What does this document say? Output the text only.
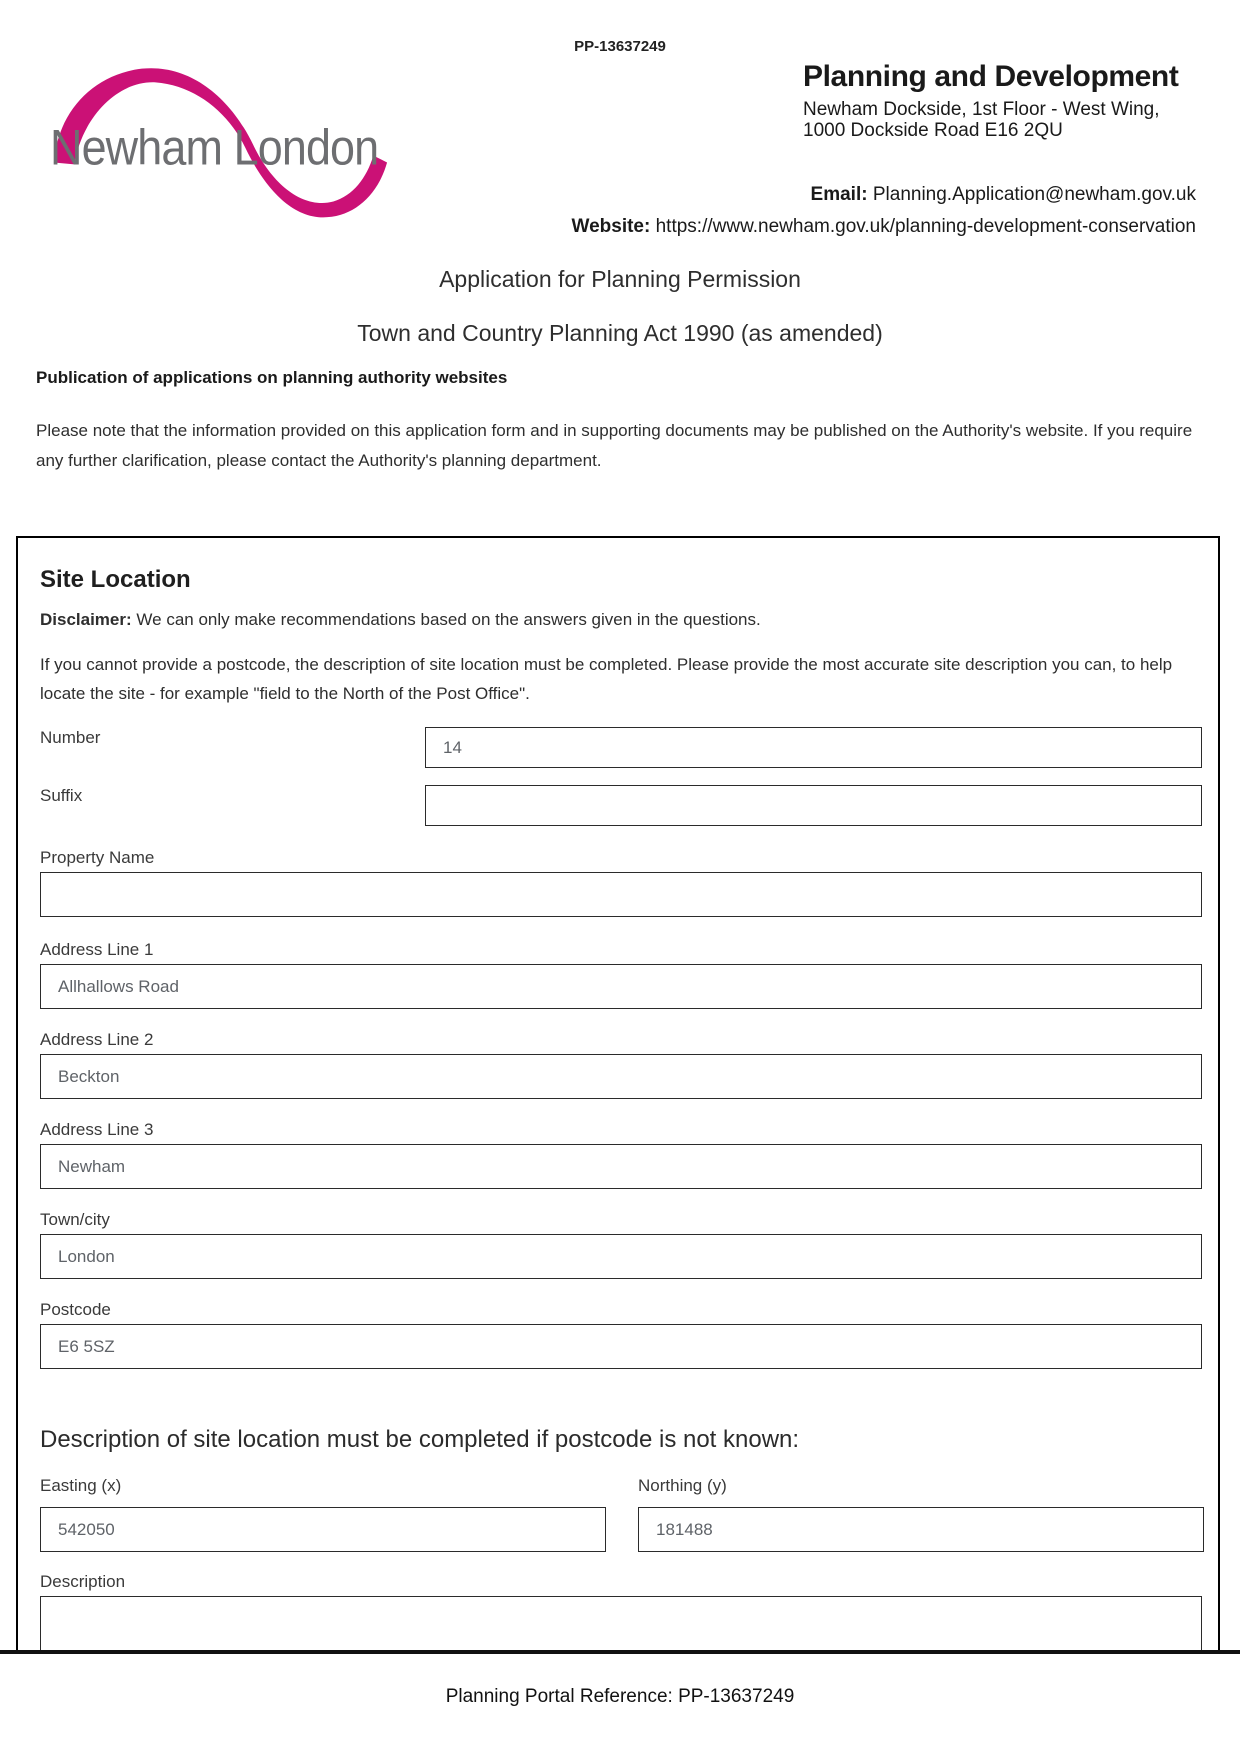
PP-13637249
Newham London
Planning and Development
Newham Dockside, 1st Floor - West Wing,
1000 Dockside Road E16 2QU
Email: Planning.Application@newham.gov.uk
Website: https://www.newham.gov.uk/planning-development-conservation
Application for Planning Permission
Town and Country Planning Act 1990 (as amended)
Publication of applications on planning authority websites
Please note that the information provided on this application form and in supporting documents may be published on the Authority's website. If you require any further clarification, please contact the Authority's planning department.
Site Location
Disclaimer: We can only make recommendations based on the answers given in the questions.
If you cannot provide a postcode, the description of site location must be completed. Please provide the most accurate site description you can, to help locate the site - for example "field to the North of the Post Office".
Number
14
Suffix
Property Name
Address Line 1
Allhallows Road
Address Line 2
Beckton
Address Line 3
Newham
Town/city
London
Postcode
E6 5SZ
Description of site location must be completed if postcode is not known:
Easting (x)
542050	Northing (y)
181488
Description
Planning Portal Reference: PP-13637249
